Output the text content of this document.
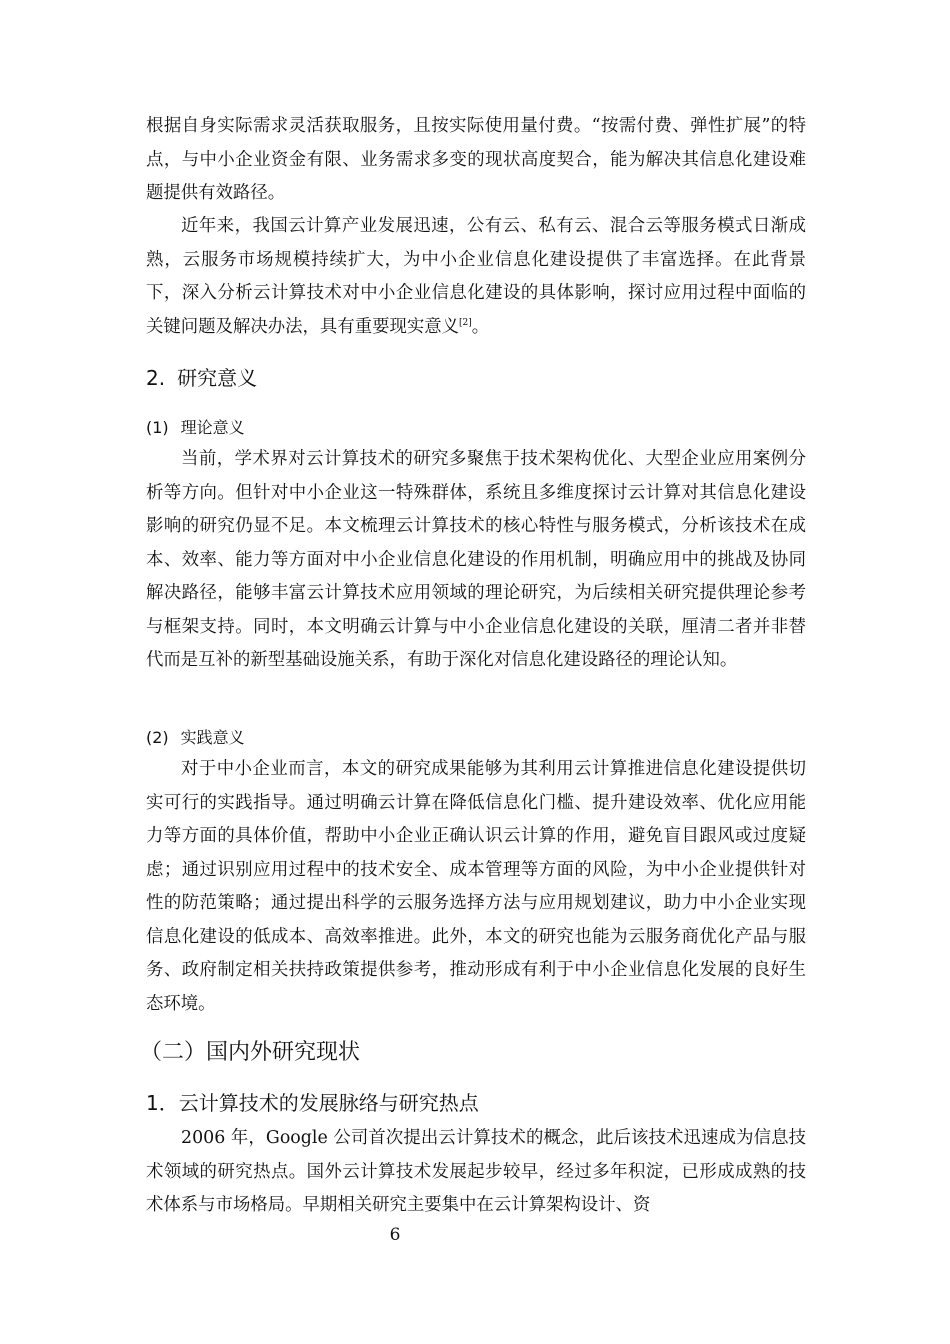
根据自身实际需求灵活获取服务，且按实际使用量付费。“按需付费、弹性扩展”的特点，与中小企业资金有限、业务需求多变的现状高度契合，能为解决其信息化建设难题提供有效路径。

近年来，我国云计算产业发展迅速，公有云、私有云、混合云等服务模式日渐成熟，云服务市场规模持续扩大，为中小企业信息化建设提供了丰富选择。在此背景下，深入分析云计算技术对中小企业信息化建设的具体影响，探讨应用过程中面临的关键问题及解决办法，具有重要现实意义[2]。

2. 研究意义
(1) 理论意义

当前，学术界对云计算技术的研究多聚焦于技术架构优化、大型企业应用案例分析等方向。但针对中小企业这一特殊群体，系统且多维度探讨云计算对其信息化建设影响的研究仍显不足。本文梳理云计算技术的核心特性与服务模式，分析该技术在成本、效率、能力等方面对中小企业信息化建设的作用机制，明确应用中的挑战及协同解决路径，能够丰富云计算技术应用领域的理论研究，为后续相关研究提供理论参考与框架支持。同时，本文明确云计算与中小企业信息化建设的关联，厘清二者并非替代而是互补的新型基础设施关系，有助于深化对信息化建设路径的理论认知。

(2) 实践意义

对于中小企业而言，本文的研究成果能够为其利用云计算推进信息化建设提供切实可行的实践指导。通过明确云计算在降低信息化门槛、提升建设效率、优化应用能力等方面的具体价值，帮助中小企业正确认识云计算的作用，避免盲目跟风或过度疑虑；通过识别应用过程中的技术安全、成本管理等方面的风险，为中小企业提供针对性的防范策略；通过提出科学的云服务选择方法与应用规划建议，助力中小企业实现信息化建设的低成本、高效率推进。此外，本文的研究也能为云服务商优化产品与服务、政府制定相关扶持政策提供参考，推动形成有利于中小企业信息化发展的良好生态环境。

（二）国内外研究现状
1．云计算技术的发展脉络与研究热点

2006 年，Google 公司首次提出云计算技术的概念，此后该技术迅速成为信息技术领域的研究热点。国外云计算技术发展起步较早，经过多年积淀，已形成成熟的技术体系与市场格局。早期相关研究主要集中在云计算架构设计、资

6
